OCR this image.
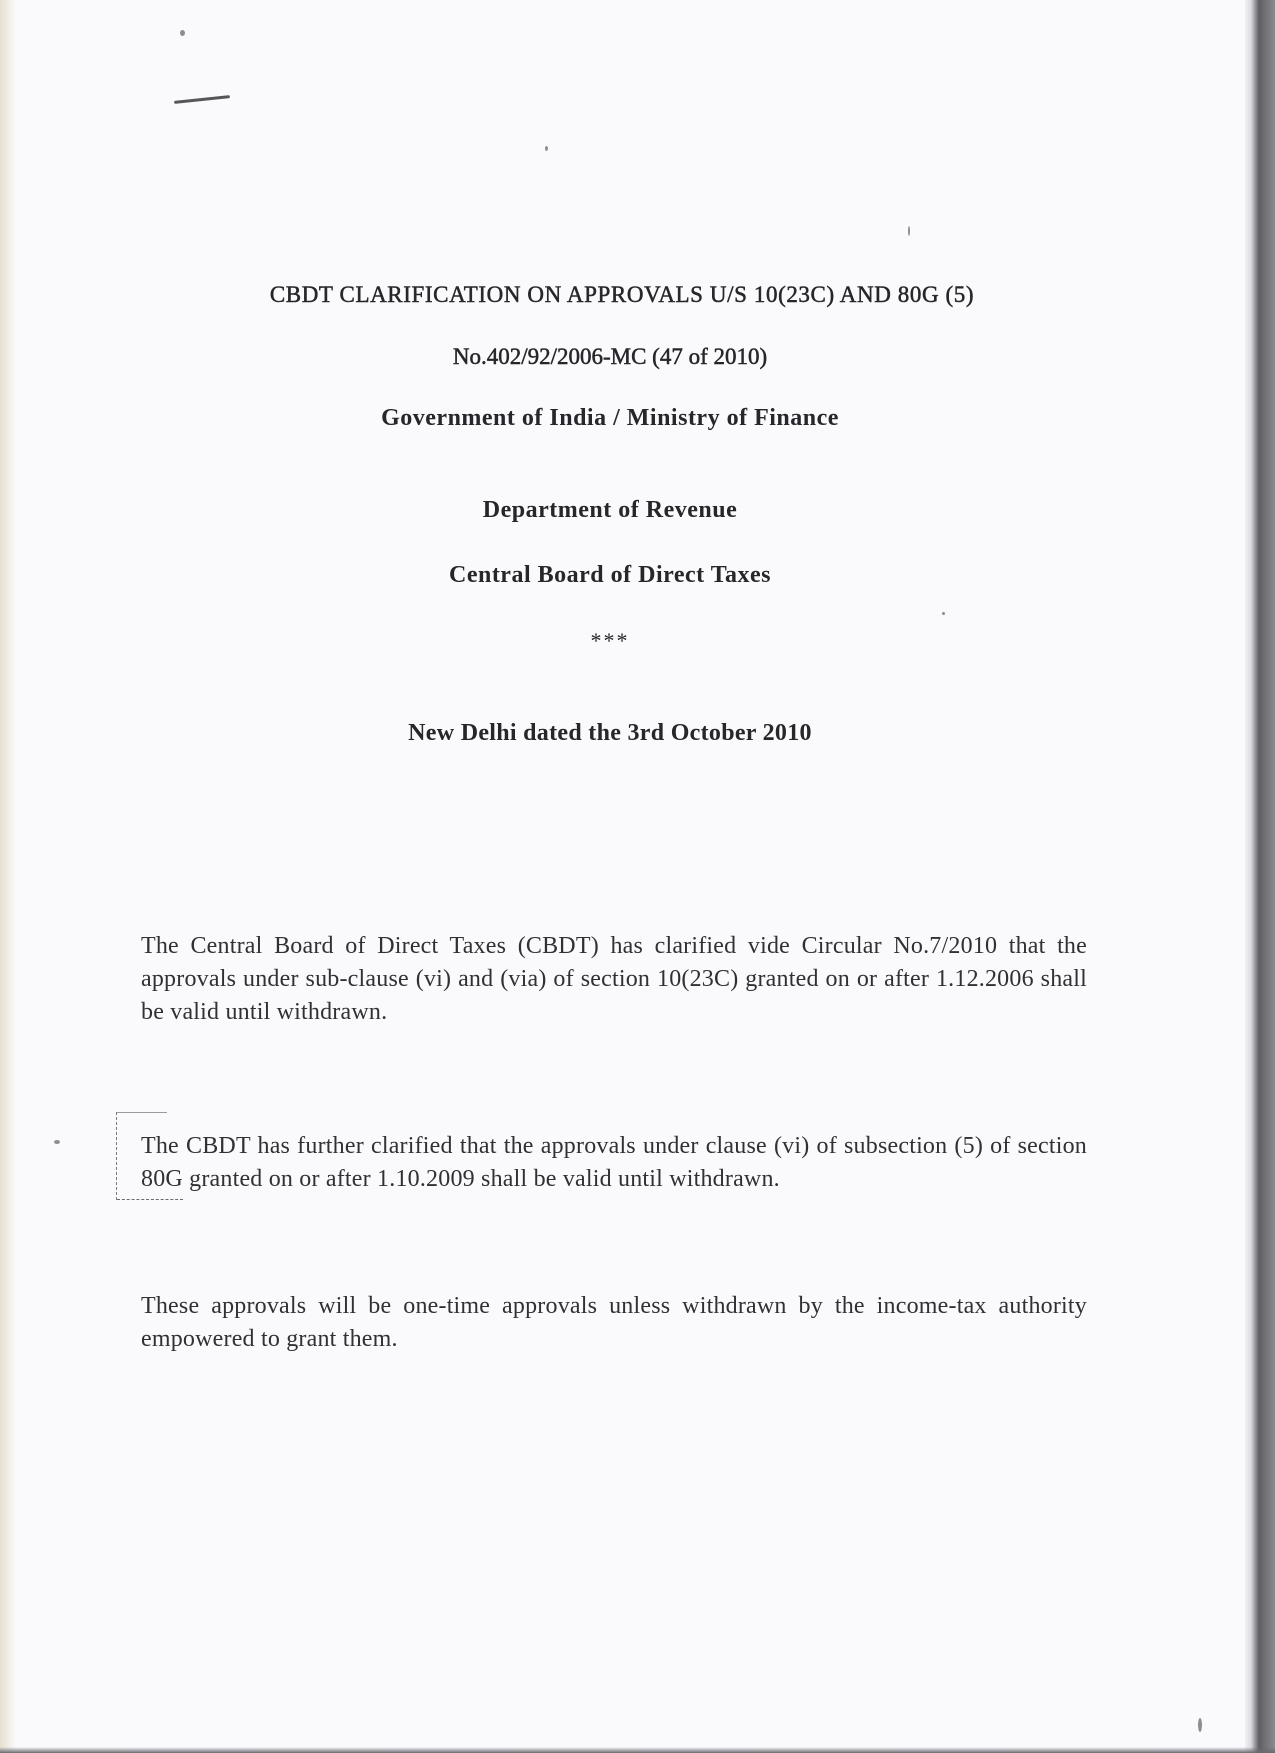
CBDT CLARIFICATION ON APPROVALS U/S 10(23C) AND 80G (5)
No.402/92/2006-MC (47 of 2010)
Government of India / Ministry of Finance
Department of Revenue
Central Board of Direct Taxes
***
New Delhi dated the 3rd October 2010
The Central Board of Direct Taxes (CBDT) has clarified vide Circular No.7/2010 that the approvals under sub-clause (vi) and (via) of section 10(23C) granted on or after 1.12.2006 shall be valid until withdrawn.
The CBDT has further clarified that the approvals under clause (vi) of subsection (5) of section 80G granted on or after 1.10.2009 shall be valid until withdrawn.
These approvals will be one-time approvals unless withdrawn by the income-tax authority empowered to grant them.
